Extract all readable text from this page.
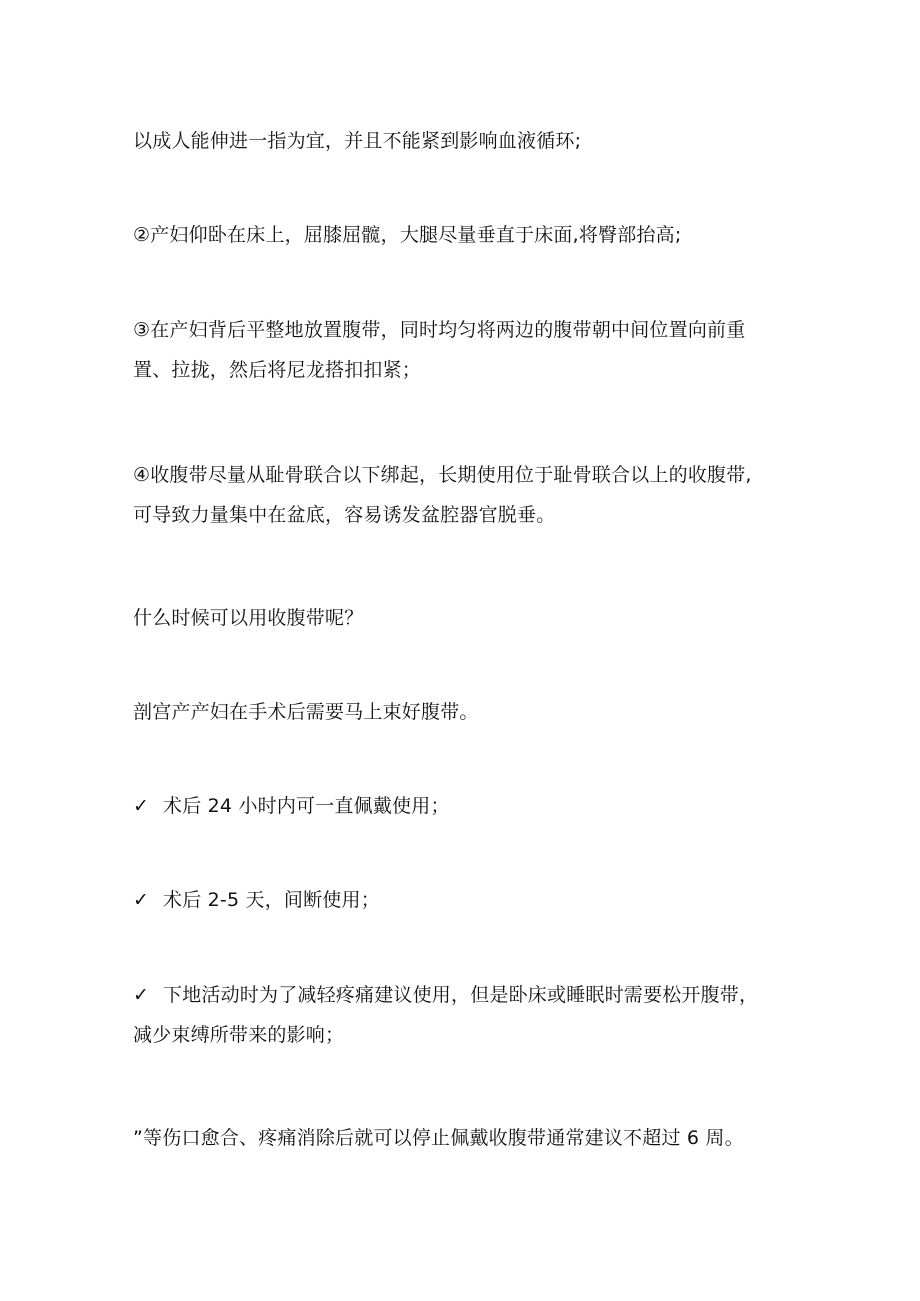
以成人能伸进一指为宜，并且不能紧到影响血液循环;
②产妇仰卧在床上，屈膝屈髋，大腿尽量垂直于床面,将臀部抬高;
③在产妇背后平整地放置腹带，同时均匀将两边的腹带朝中间位置向前重
置、拉拢，然后将尼龙搭扣扣紧；
④收腹带尽量从耻骨联合以下绑起，长期使用位于耻骨联合以上的收腹带,
可导致力量集中在盆底，容易诱发盆腔器官脱垂。
什么时候可以用收腹带呢？
剖宫产产妇在手术后需要马上束好腹带。
✓ 术后 24 小时内可一直佩戴使用；
✓ 术后 2-5 天，间断使用；
✓ 下地活动时为了减轻疼痛建议使用，但是卧床或睡眠时需要松开腹带，
减少束缚所带来的影响；
”等伤口愈合、疼痛消除后就可以停止佩戴收腹带通常建议不超过 6 周。
